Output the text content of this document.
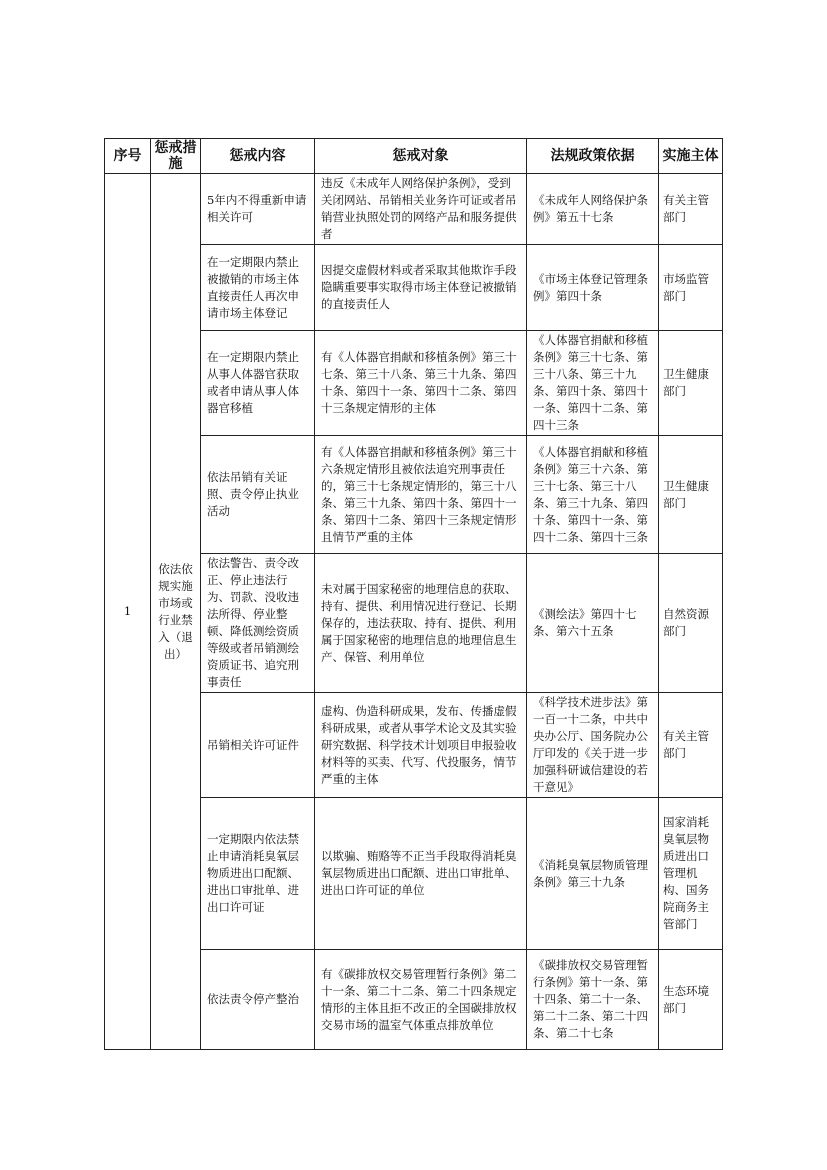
序号	惩戒措施	惩戒内容	惩戒对象	法规政策依据	实施主体
1	依法依规实施市场或行业禁入（退出）	5年内不得重新申请相关许可	违反《未成年人网络保护条例》，受到关闭网站、吊销相关业务许可证或者吊销营业执照处罚的网络产品和服务提供者	《未成年人网络保护条例》第五十七条	有关主管部门
		在一定期限内禁止被撤销的市场主体直接责任人再次申请市场主体登记	因提交虚假材料或者采取其他欺诈手段隐瞒重要事实取得市场主体登记被撤销的直接责任人	《市场主体登记管理条例》第四十条	市场监管部门
		在一定期限内禁止从事人体器官获取或者申请从事人体器官移植	有《人体器官捐献和移植条例》第三十七条、第三十八条、第三十九条、第四十条、第四十一条、第四十二条、第四十三条规定情形的主体	《人体器官捐献和移植条例》第三十七条、第三十八条、第三十九条、第四十条、第四十一条、第四十二条、第四十三条	卫生健康部门
		依法吊销有关证照、责令停止执业活动	有《人体器官捐献和移植条例》第三十六条规定情形且被依法追究刑事责任的，第三十七条规定情形的，第三十八条、第三十九条、第四十条、第四十一条、第四十二条、第四十三条规定情形且情节严重的主体	《人体器官捐献和移植条例》第三十六条、第三十七条、第三十八条、第三十九条、第四十条、第四十一条、第四十二条、第四十三条	卫生健康部门
		依法警告、责令改正、停止违法行为、罚款、没收违法所得、停业整顿、降低测绘资质等级或者吊销测绘资质证书、追究刑事责任	未对属于国家秘密的地理信息的获取、持有、提供、利用情况进行登记、长期保存的，违法获取、持有、提供、利用属于国家秘密的地理信息的地理信息生产、保管、利用单位	《测绘法》第四十七条、第六十五条	自然资源部门
		吊销相关许可证件	虚构、伪造科研成果，发布、传播虚假科研成果，或者从事学术论文及其实验研究数据、科学技术计划项目申报验收材料等的买卖、代写、代投服务，情节严重的主体	《科学技术进步法》第一百一十二条，中共中央办公厅、国务院办公厅印发的《关于进一步加强科研诚信建设的若干意见》	有关主管部门
		一定期限内依法禁止申请消耗臭氧层物质进出口配额、进出口审批单、进出口许可证	以欺骗、贿赂等不正当手段取得消耗臭氧层物质进出口配额、进出口审批单、进出口许可证的单位	《消耗臭氧层物质管理条例》第三十九条	国家消耗臭氧层物质进出口管理机构、国务院商务主管部门
		依法责令停产整治	有《碳排放权交易管理暂行条例》第二十一条、第二十二条、第二十四条规定情形的主体且拒不改正的全国碳排放权交易市场的温室气体重点排放单位	《碳排放权交易管理暂行条例》第十一条、第十四条、第二十一条、第二十二条、第二十四条、第二十七条	生态环境部门
